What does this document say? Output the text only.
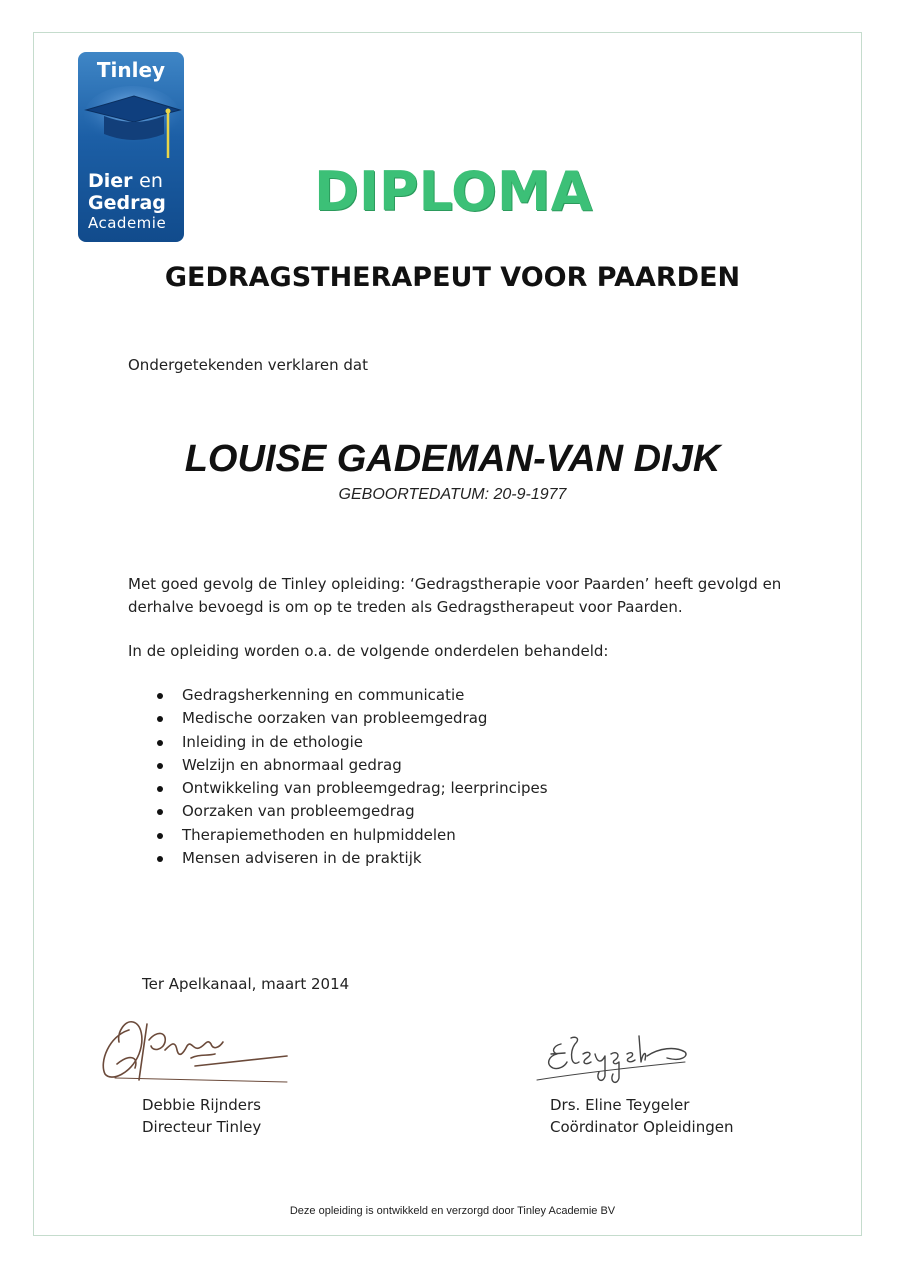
Tinley
Dier en
Gedrag
Academie	DIPLOMA
GEDRAGSTHERAPEUT VOOR PAARDEN
Ondergetekenden verklaren dat
LOUISE GADEMAN-VAN DIJK
GEBOORTEDATUM: 20-9-1977
Met goed gevolg de Tinley opleiding: ‘Gedragstherapie voor Paarden’ heeft gevolgd en
derhalve bevoegd is om op te treden als Gedragstherapeut voor Paarden.
In de opleiding worden o.a. de volgende onderdelen behandeld:
Gedragsherkenning en communicatie
Medische oorzaken van probleemgedrag
Inleiding in de ethologie
Welzijn en abnormaal gedrag
Ontwikkeling van probleemgedrag; leerprincipes
Oorzaken van probleemgedrag
Therapiemethoden en hulpmiddelen
Mensen adviseren in de praktijk
Ter Apelkanaal, maart 2014
Debbie Rijnders
Directeur Tinley
Drs. Eline Teygeler
Coördinator Opleidingen
Deze opleiding is ontwikkeld en verzorgd door Tinley Academie BV
